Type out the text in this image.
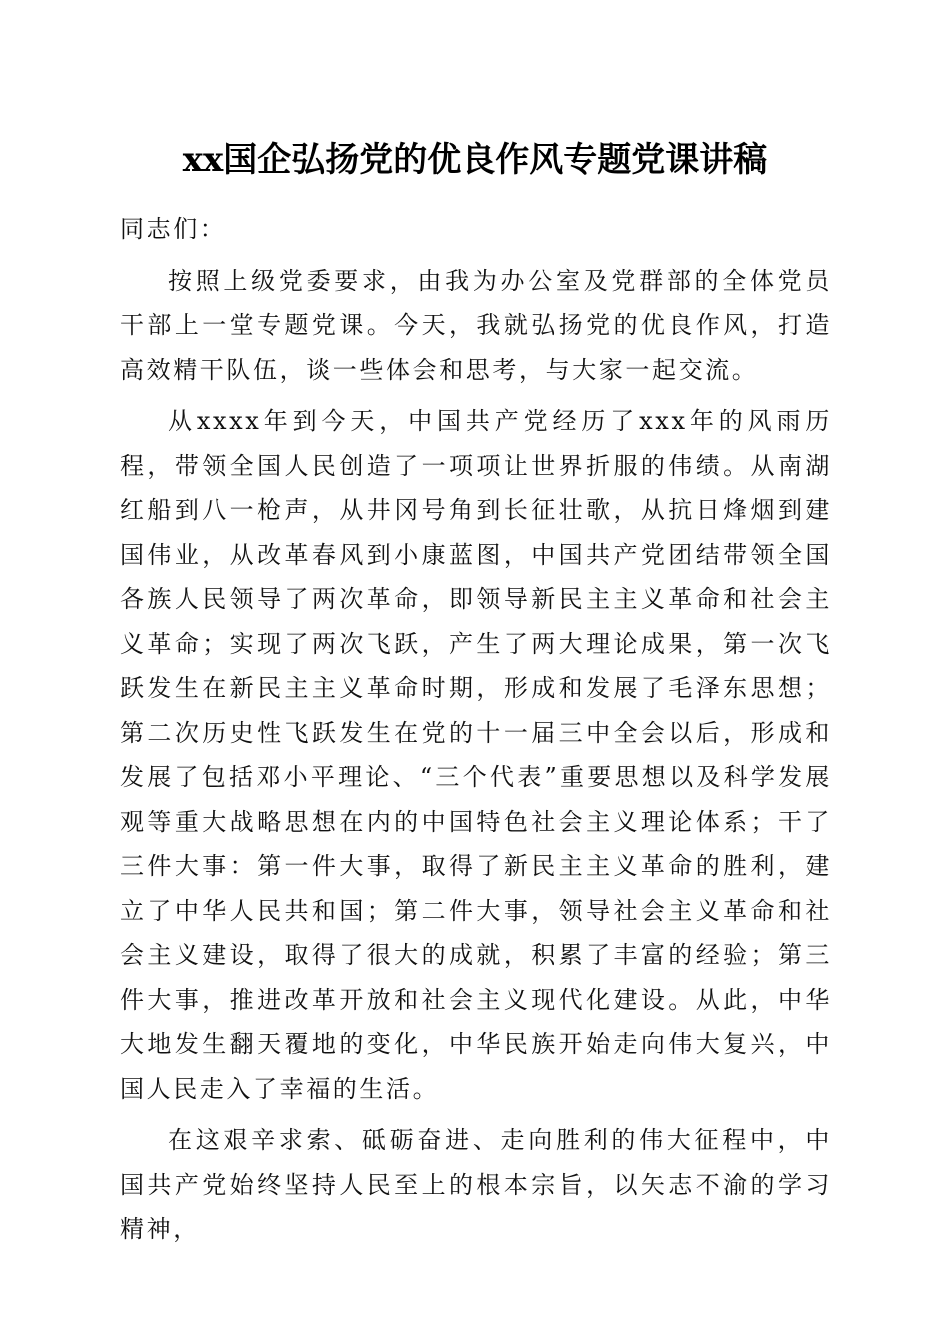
xx国企弘扬党的优良作风专题党课讲稿

同志们：

按照上级党委要求，由我为办公室及党群部的全体党员干部上一堂专题党课。今天，我就弘扬党的优良作风，打造高效精干队伍，谈一些体会和思考，与大家一起交流。

从xxxx年到今天，中国共产党经历了xxx年的风雨历程，带领全国人民创造了一项项让世界折服的伟绩。从南湖红船到八一枪声，从井冈号角到长征壮歌，从抗日烽烟到建国伟业，从改革春风到小康蓝图，中国共产党团结带领全国各族人民领导了两次革命，即领导新民主主义革命和社会主义革命；实现了两次飞跃，产生了两大理论成果，第一次飞跃发生在新民主主义革命时期，形成和发展了毛泽东思想；第二次历史性飞跃发生在党的十一届三中全会以后，形成和发展了包括邓小平理论、“三个代表”重要思想以及科学发展观等重大战略思想在内的中国特色社会主义理论体系；干了三件大事：第一件大事，取得了新民主主义革命的胜利，建立了中华人民共和国；第二件大事，领导社会主义革命和社会主义建设，取得了很大的成就，积累了丰富的经验；第三件大事，推进改革开放和社会主义现代化建设。从此，中华大地发生翻天覆地的变化，中华民族开始走向伟大复兴，中国人民走入了幸福的生活。

在这艰辛求索、砥砺奋进、走向胜利的伟大征程中，中国共产党始终坚持人民至上的根本宗旨，以矢志不渝的学习精神，
